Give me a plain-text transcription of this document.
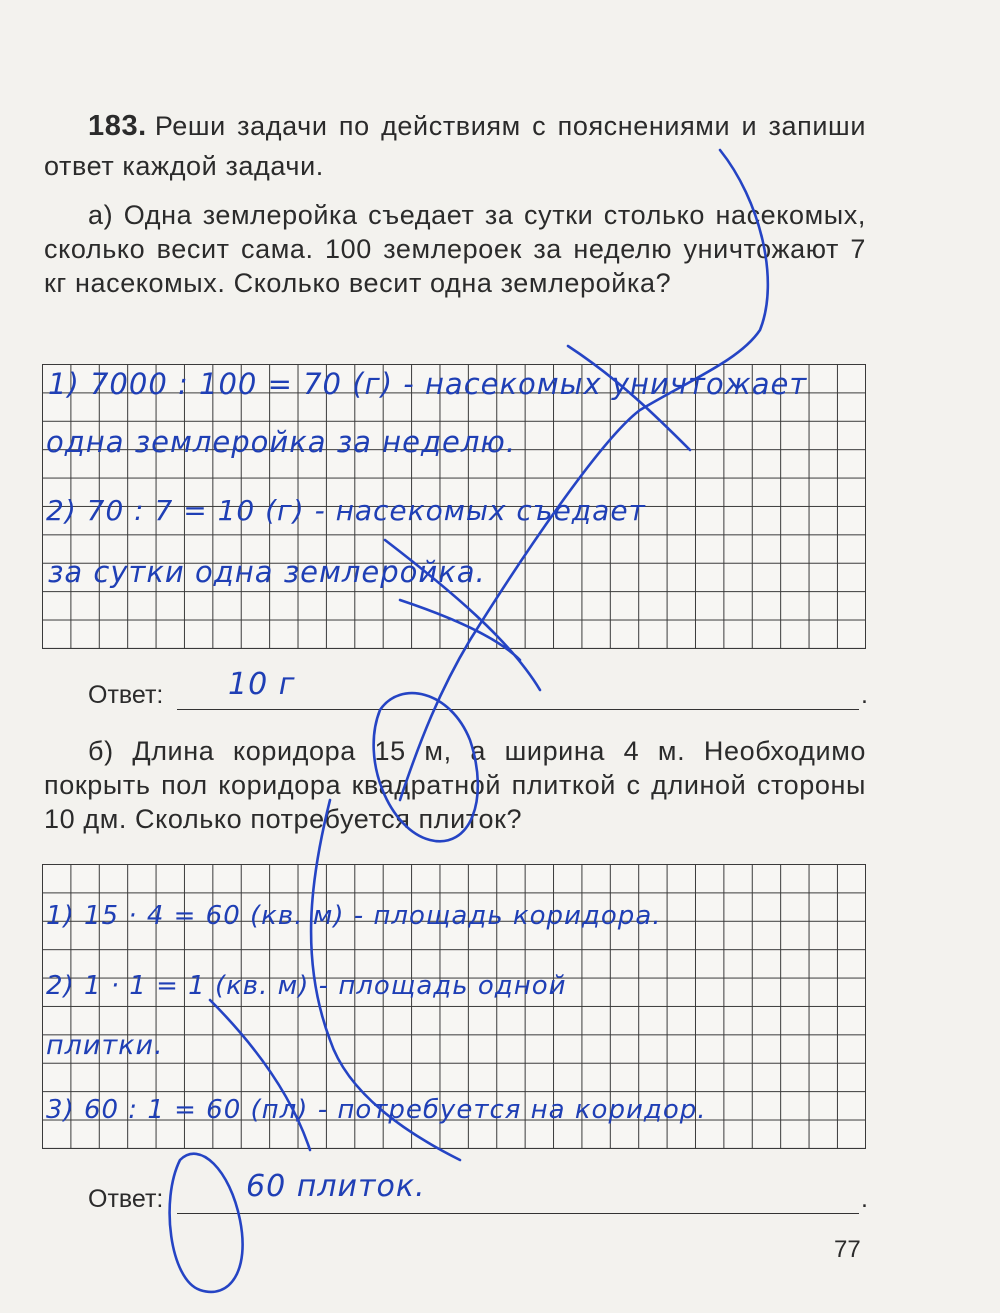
183. Реши задачи по действиям с пояснениями и запиши ответ каждой задачи.
а) Одна землеройка съедает за сутки столько насекомых, сколько весит сама. 100 землероек за неделю уничтожают 7 кг насекомых. Сколько весит одна землеройка?
Ответ:	.
б) Длина коридора 15 м, а ширина 4 м. Необходимо покрыть пол коридора квадратной плиткой с длиной стороны 10 дм. Сколько потребуется плиток?
Ответ:	.
77
1) 7000 : 100 = 70 (г) - насекомых уничтожает
одна землеройка за неделю.
2) 70 : 7 = 10 (г) - насекомых съедает
за сутки одна землеройка.
10 г
1) 15 · 4 = 60 (кв. м) - площадь коридора.
2) 1 · 1 = 1 (кв. м) - площадь одной
плитки.
3) 60 : 1 = 60 (пл) - потребуется на коридор.
60 плиток.
